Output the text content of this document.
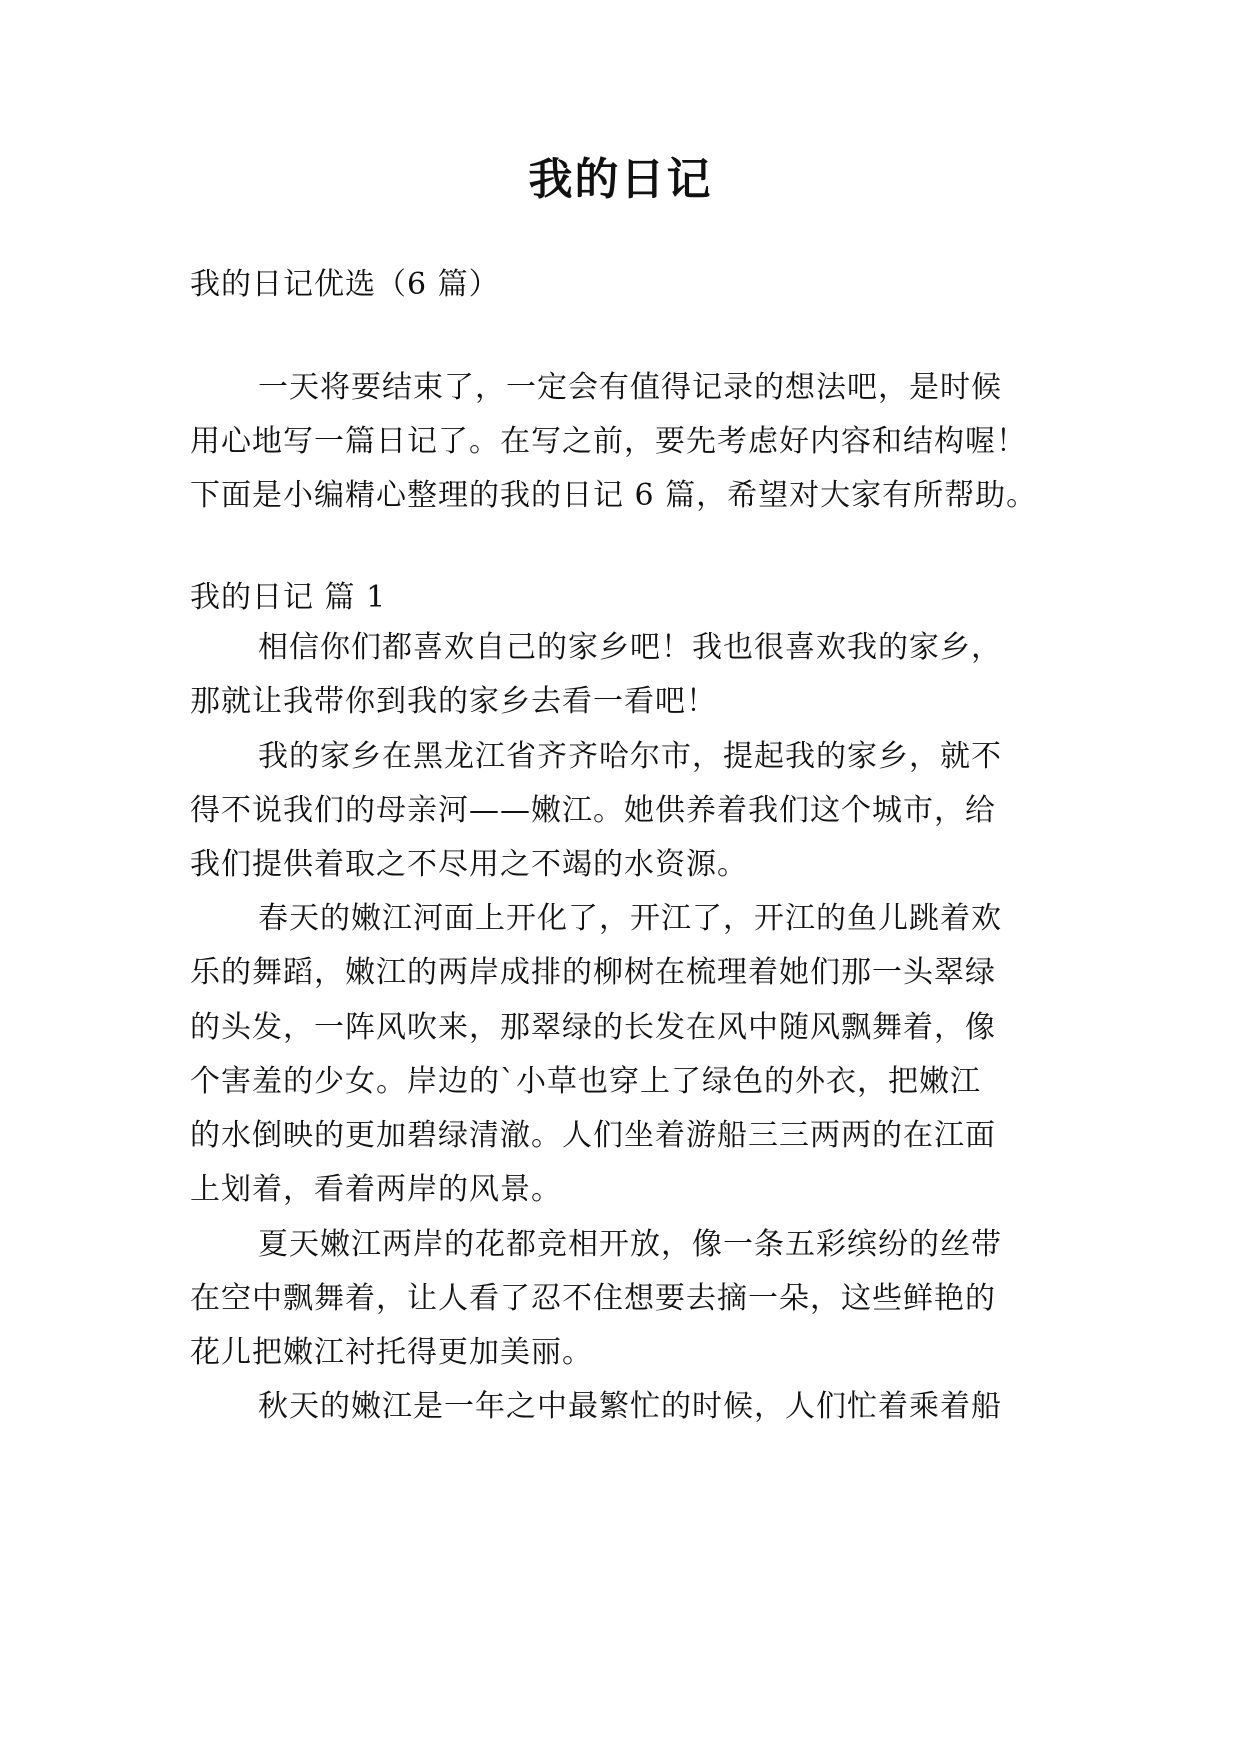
我的日记
我的日记优选（6 篇）
一天将要结束了，一定会有值得记录的想法吧，是时候
用心地写一篇日记了。在写之前，要先考虑好内容和结构喔！
下面是小编精心整理的我的日记 6 篇，希望对大家有所帮助。
我的日记 篇 1
相信你们都喜欢自己的家乡吧！我也很喜欢我的家乡，
那就让我带你到我的家乡去看一看吧！
我的家乡在黑龙江省齐齐哈尔市，提起我的家乡，就不
得不说我们的母亲河——嫩江。她供养着我们这个城市，给
我们提供着取之不尽用之不竭的水资源。
春天的嫩江河面上开化了，开江了，开江的鱼儿跳着欢
乐的舞蹈，嫩江的两岸成排的柳树在梳理着她们那一头翠绿
的头发，一阵风吹来，那翠绿的长发在风中随风飘舞着，像
个害羞的少女。岸边的`小草也穿上了绿色的外衣，把嫩江
的水倒映的更加碧绿清澈。人们坐着游船三三两两的在江面
上划着，看着两岸的风景。
夏天嫩江两岸的花都竞相开放，像一条五彩缤纷的丝带
在空中飘舞着，让人看了忍不住想要去摘一朵，这些鲜艳的
花儿把嫩江衬托得更加美丽。
秋天的嫩江是一年之中最繁忙的时候，人们忙着乘着船
